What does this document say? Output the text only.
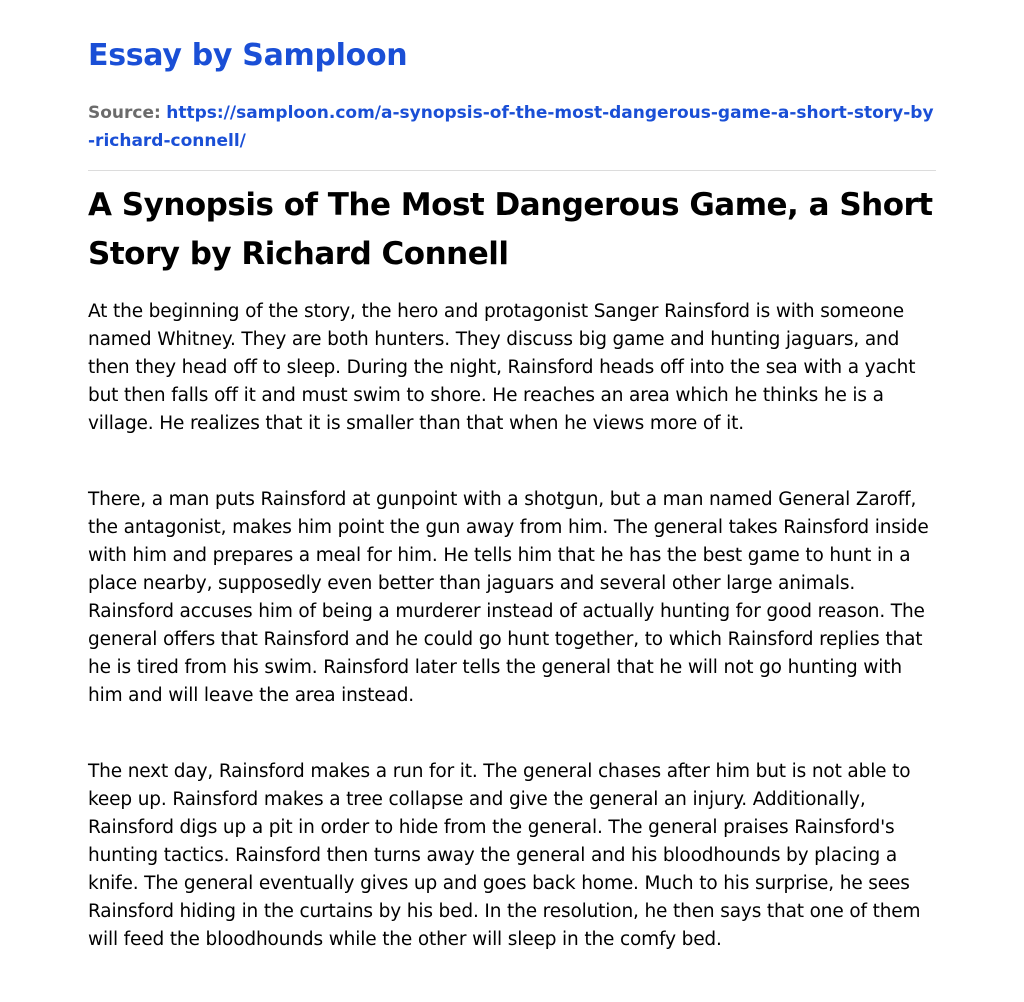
Essay by Samploon

Source: https://samploon.com/a-synopsis-of-the-most-dangerous-game-a-short-story-by-richard-connell/

A Synopsis of The Most Dangerous Game, a Short Story by Richard Connell

At the beginning of the story, the hero and protagonist Sanger Rainsford is with someone named Whitney. They are both hunters. They discuss big game and hunting jaguars, and then they head off to sleep. During the night, Rainsford heads off into the sea with a yacht but then falls off it and must swim to shore. He reaches an area which he thinks he is a village. He realizes that it is smaller than that when he views more of it.

There, a man puts Rainsford at gunpoint with a shotgun, but a man named General Zaroff, the antagonist, makes him point the gun away from him. The general takes Rainsford inside with him and prepares a meal for him. He tells him that he has the best game to hunt in a place nearby, supposedly even better than jaguars and several other large animals. Rainsford accuses him of being a murderer instead of actually hunting for good reason. The general offers that Rainsford and he could go hunt together, to which Rainsford replies that he is tired from his swim. Rainsford later tells the general that he will not go hunting with him and will leave the area instead.

The next day, Rainsford makes a run for it. The general chases after him but is not able to keep up. Rainsford makes a tree collapse and give the general an injury. Additionally, Rainsford digs up a pit in order to hide from the general. The general praises Rainsford's hunting tactics. Rainsford then turns away the general and his bloodhounds by placing a knife. The general eventually gives up and goes back home. Much to his surprise, he sees Rainsford hiding in the curtains by his bed. In the resolution, he then says that one of them will feed the bloodhounds while the other will sleep in the comfy bed.
